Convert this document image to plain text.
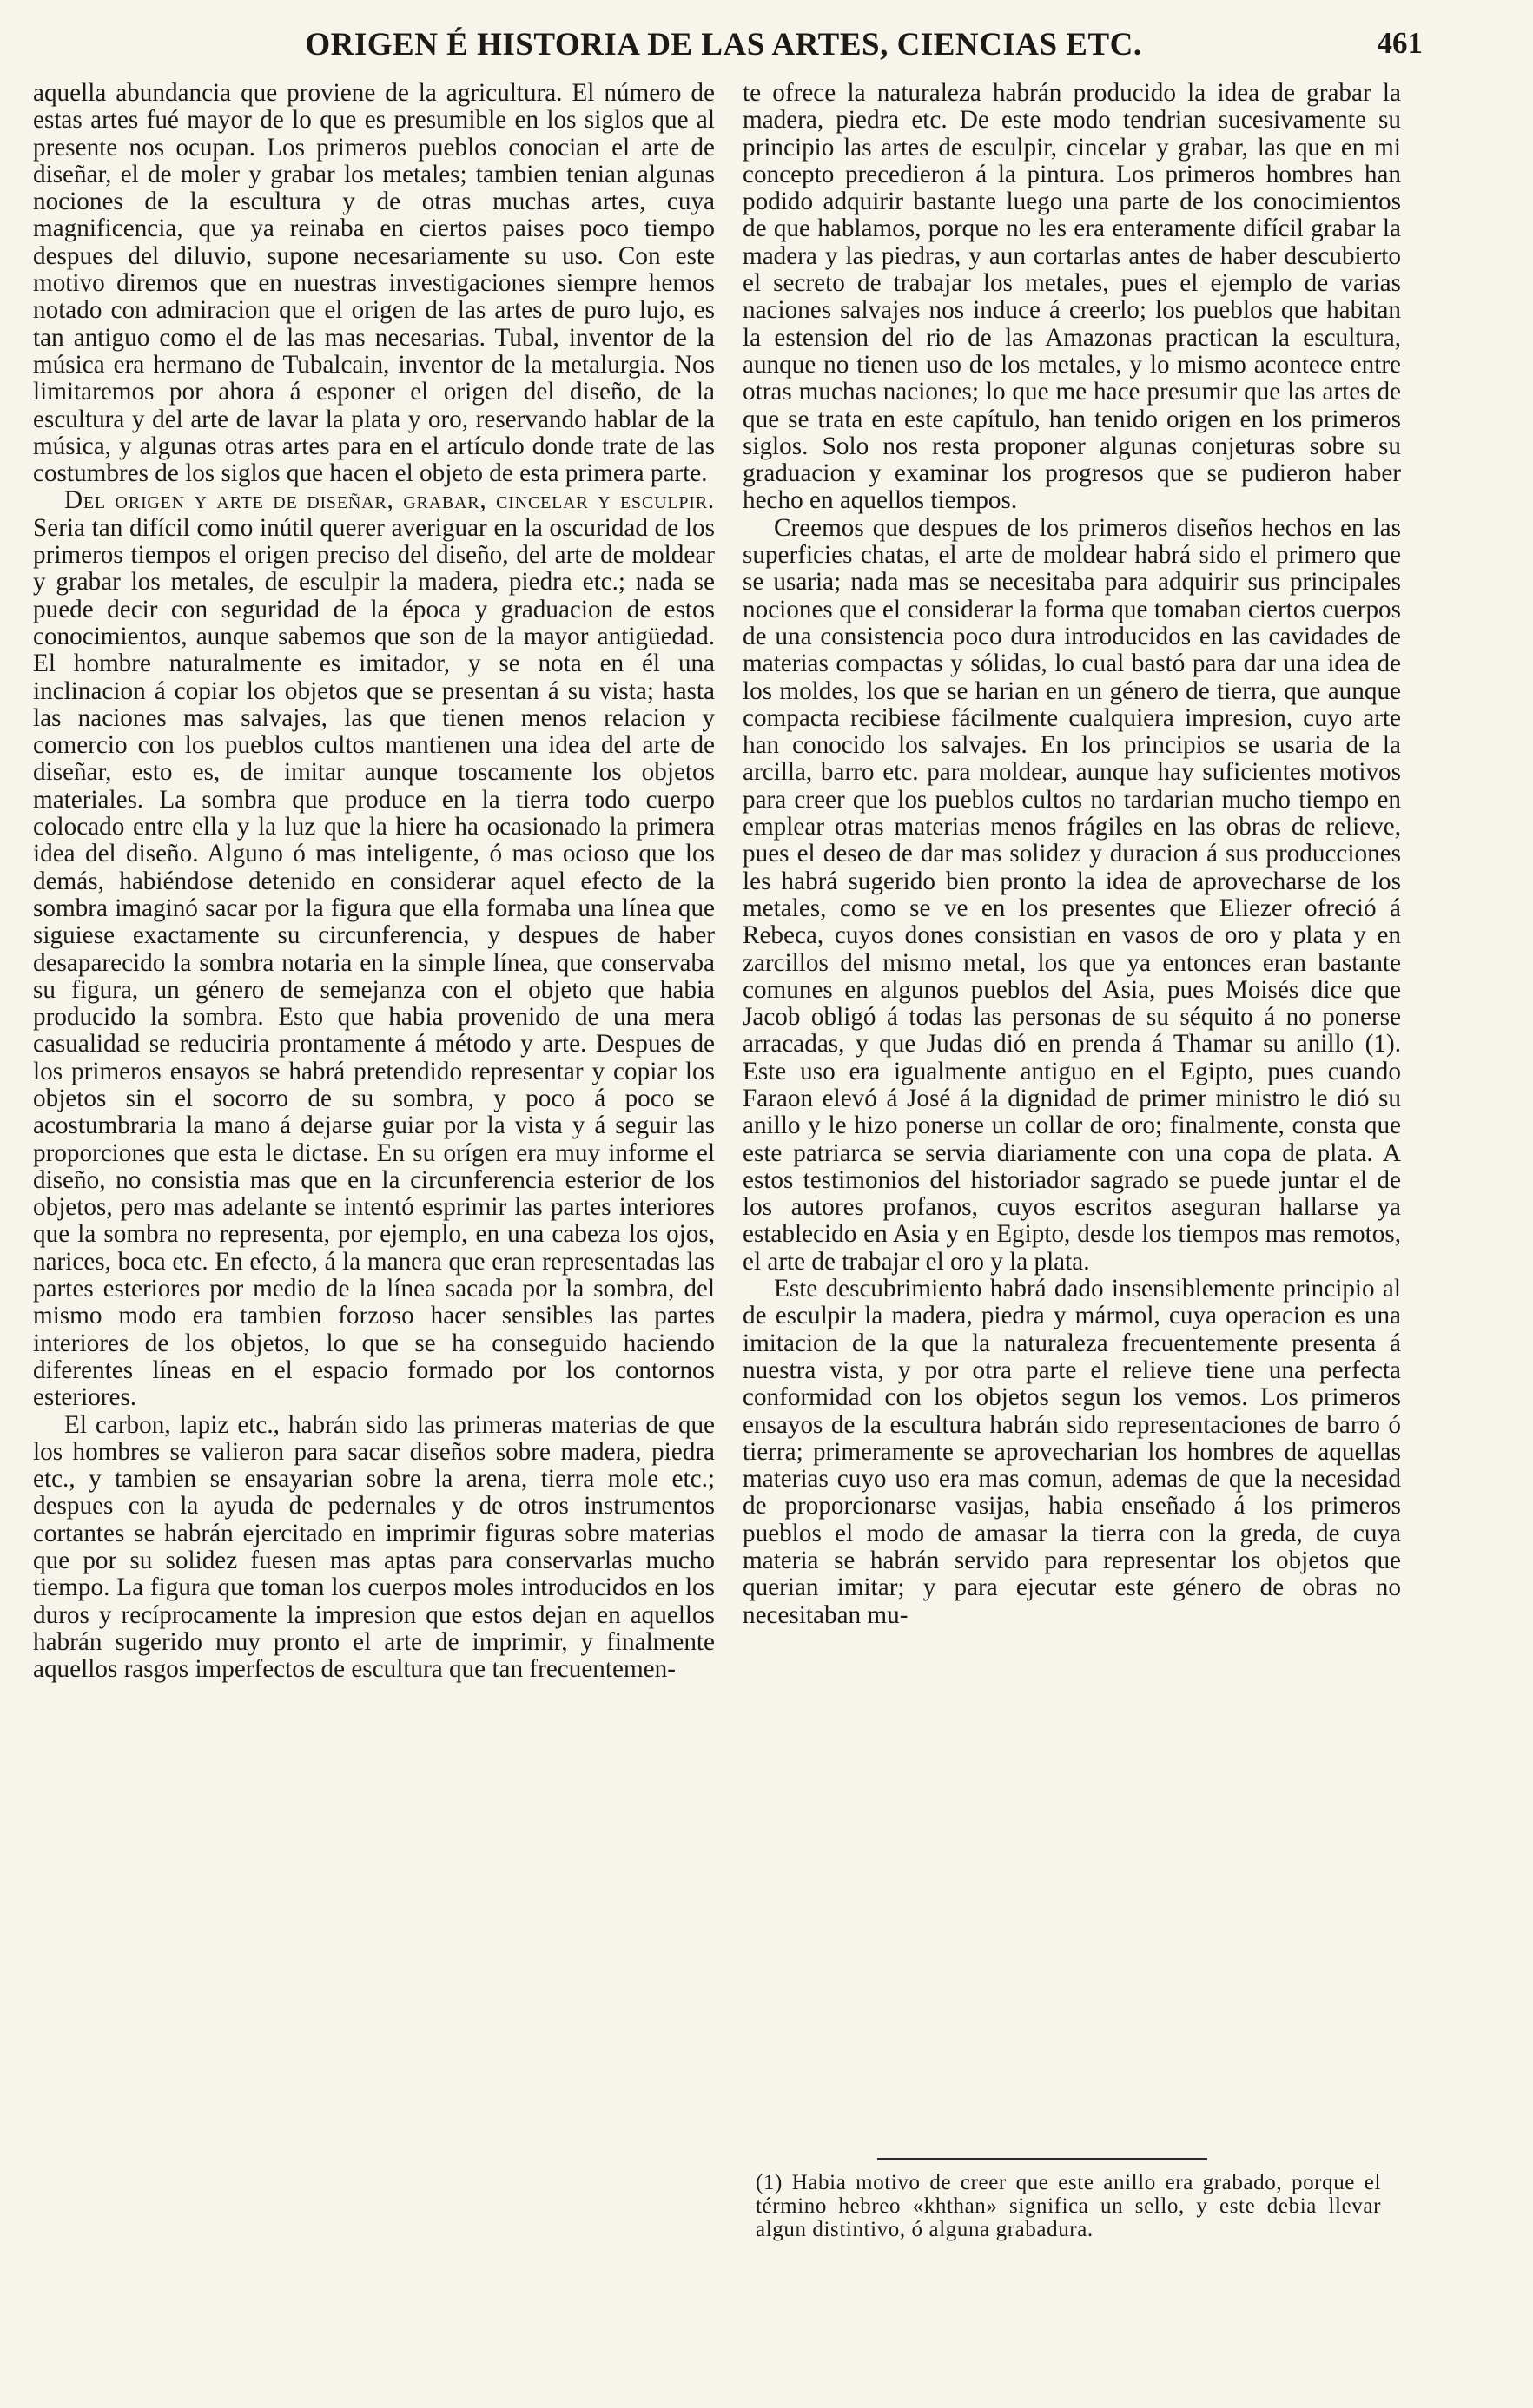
ORIGEN É HISTORIA DE LAS ARTES, CIENCIAS ETC.	461

aquella abundancia que proviene de la agricultura. El número de estas artes fué mayor de lo que es presumible en los siglos que al presente nos ocupan. Los primeros pueblos conocian el arte de diseñar, el de moler y grabar los metales; tambien tenian algunas nociones de la escultura y de otras muchas artes, cuya magnificencia, que ya reinaba en ciertos paises poco tiempo despues del diluvio, supone necesariamente su uso. Con este motivo diremos que en nuestras investigaciones siempre hemos notado con admiracion que el origen de las artes de puro lujo, es tan antiguo como el de las mas necesarias. Tubal, inventor de la música era hermano de Tubalcain, inventor de la metalurgia. Nos limitaremos por ahora á esponer el origen del diseño, de la escultura y del arte de lavar la plata y oro, reservando hablar de la música, y algunas otras artes para en el artículo donde trate de las costumbres de los siglos que hacen el objeto de esta primera parte.

Del origen y arte de diseñar, grabar, cincelar y esculpir. Seria tan difícil como inútil querer averiguar en la oscuridad de los primeros tiempos el origen preciso del diseño, del arte de moldear y grabar los metales, de esculpir la madera, piedra etc.; nada se puede decir con seguridad de la época y graduacion de estos conocimientos, aunque sabemos que son de la mayor antigüedad. El hombre naturalmente es imitador, y se nota en él una inclinacion á copiar los objetos que se presentan á su vista; hasta las naciones mas salvajes, las que tienen menos relacion y comercio con los pueblos cultos mantienen una idea del arte de diseñar, esto es, de imitar aunque toscamente los objetos materiales. La sombra que produce en la tierra todo cuerpo colocado entre ella y la luz que la hiere ha ocasionado la primera idea del diseño. Alguno ó mas inteligente, ó mas ocioso que los demás, habiéndose detenido en considerar aquel efecto de la sombra imaginó sacar por la figura que ella formaba una línea que siguiese exactamente su circunferencia, y despues de haber desaparecido la sombra notaria en la simple línea, que conservaba su figura, un género de semejanza con el objeto que habia producido la sombra. Esto que habia provenido de una mera casualidad se reduciria prontamente á método y arte. Despues de los primeros ensayos se habrá pretendido representar y copiar los objetos sin el socorro de su sombra, y poco á poco se acostumbraria la mano á dejarse guiar por la vista y á seguir las proporciones que esta le dictase. En su orígen era muy informe el diseño, no consistia mas que en la circunferencia esterior de los objetos, pero mas adelante se intentó esprimir las partes interiores que la sombra no representa, por ejemplo, en una cabeza los ojos, narices, boca etc. En efecto, á la manera que eran representadas las partes esteriores por medio de la línea sacada por la sombra, del mismo modo era tambien forzoso hacer sensibles las partes interiores de los objetos, lo que se ha conseguido haciendo diferentes líneas en el espacio formado por los contornos esteriores.

El carbon, lapiz etc., habrán sido las primeras materias de que los hombres se valieron para sacar diseños sobre madera, piedra etc., y tambien se ensayarian sobre la arena, tierra mole etc.; despues con la ayuda de pedernales y de otros instrumentos cortantes se habrán ejercitado en imprimir figuras sobre materias que por su solidez fuesen mas aptas para conservarlas mucho tiempo. La figura que toman los cuerpos moles introducidos en los duros y recíprocamente la impresion que estos dejan en aquellos habrán sugerido muy pronto el arte de imprimir, y finalmente aquellos rasgos imperfectos de escultura que tan frecuentemen-

te ofrece la naturaleza habrán producido la idea de grabar la madera, piedra etc. De este modo tendrian sucesivamente su principio las artes de esculpir, cincelar y grabar, las que en mi concepto precedieron á la pintura. Los primeros hombres han podido adquirir bastante luego una parte de los conocimientos de que hablamos, porque no les era enteramente difícil grabar la madera y las piedras, y aun cortarlas antes de haber descubierto el secreto de trabajar los metales, pues el ejemplo de varias naciones salvajes nos induce á creerlo; los pueblos que habitan la estension del rio de las Amazonas practican la escultura, aunque no tienen uso de los metales, y lo mismo acontece entre otras muchas naciones; lo que me hace presumir que las artes de que se trata en este capítulo, han tenido origen en los primeros siglos. Solo nos resta proponer algunas conjeturas sobre su graduacion y examinar los progresos que se pudieron haber hecho en aquellos tiempos.

Creemos que despues de los primeros diseños hechos en las superficies chatas, el arte de moldear habrá sido el primero que se usaria; nada mas se necesitaba para adquirir sus principales nociones que el considerar la forma que tomaban ciertos cuerpos de una consistencia poco dura introducidos en las cavidades de materias compactas y sólidas, lo cual bastó para dar una idea de los moldes, los que se harian en un género de tierra, que aunque compacta recibiese fácilmente cualquiera impresion, cuyo arte han conocido los salvajes. En los principios se usaria de la arcilla, barro etc. para moldear, aunque hay suficientes motivos para creer que los pueblos cultos no tardarian mucho tiempo en emplear otras materias menos frágiles en las obras de relieve, pues el deseo de dar mas solidez y duracion á sus producciones les habrá sugerido bien pronto la idea de aprovecharse de los metales, como se ve en los presentes que Eliezer ofreció á Rebeca, cuyos dones consistian en vasos de oro y plata y en zarcillos del mismo metal, los que ya entonces eran bastante comunes en algunos pueblos del Asia, pues Moisés dice que Jacob obligó á todas las personas de su séquito á no ponerse arracadas, y que Judas dió en prenda á Thamar su anillo (1). Este uso era igualmente antiguo en el Egipto, pues cuando Faraon elevó á José á la dignidad de primer ministro le dió su anillo y le hizo ponerse un collar de oro; finalmente, consta que este patriarca se servia diariamente con una copa de plata. A estos testimonios del historiador sagrado se puede juntar el de los autores profanos, cuyos escritos aseguran hallarse ya establecido en Asia y en Egipto, desde los tiempos mas remotos, el arte de trabajar el oro y la plata.

Este descubrimiento habrá dado insensiblemente principio al de esculpir la madera, piedra y mármol, cuya operacion es una imitacion de la que la naturaleza frecuentemente presenta á nuestra vista, y por otra parte el relieve tiene una perfecta conformidad con los objetos segun los vemos. Los primeros ensayos de la escultura habrán sido representaciones de barro ó tierra; primeramente se aprovecharian los hombres de aquellas materias cuyo uso era mas comun, ademas de que la necesidad de proporcionarse vasijas, habia enseñado á los primeros pueblos el modo de amasar la tierra con la greda, de cuya materia se habrán servido para representar los objetos que querian imitar; y para ejecutar este género de obras no necesitaban mu-

(1) Habia motivo de creer que este anillo era grabado, porque el término hebreo «khthan» significa un sello, y este debia llevar algun distintivo, ó alguna grabadura.
